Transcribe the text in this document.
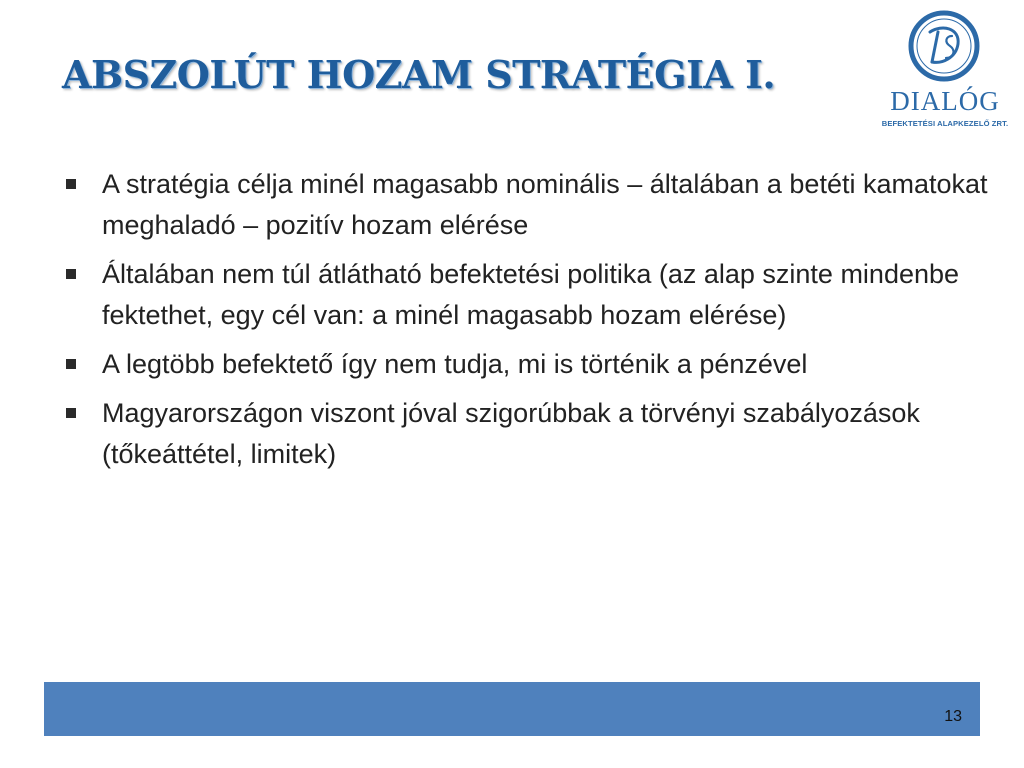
ABSZOLÚT HOZAM STRATÉGIA I.
DIALÓG
BEFEKTETÉSI ALAPKEZELŐ ZRT.
A stratégia célja minél magasabb nominális – általában a betéti kamatokat meghaladó – pozitív hozam elérése
Általában nem túl átlátható befektetési politika (az alap szinte mindenbe fektethet, egy cél van: a minél magasabb hozam elérése)
A legtöbb befektető így nem tudja, mi is történik a pénzével
Magyarországon viszont jóval szigorúbbak a törvényi szabályozások (tőkeáttétel, limitek)
13
